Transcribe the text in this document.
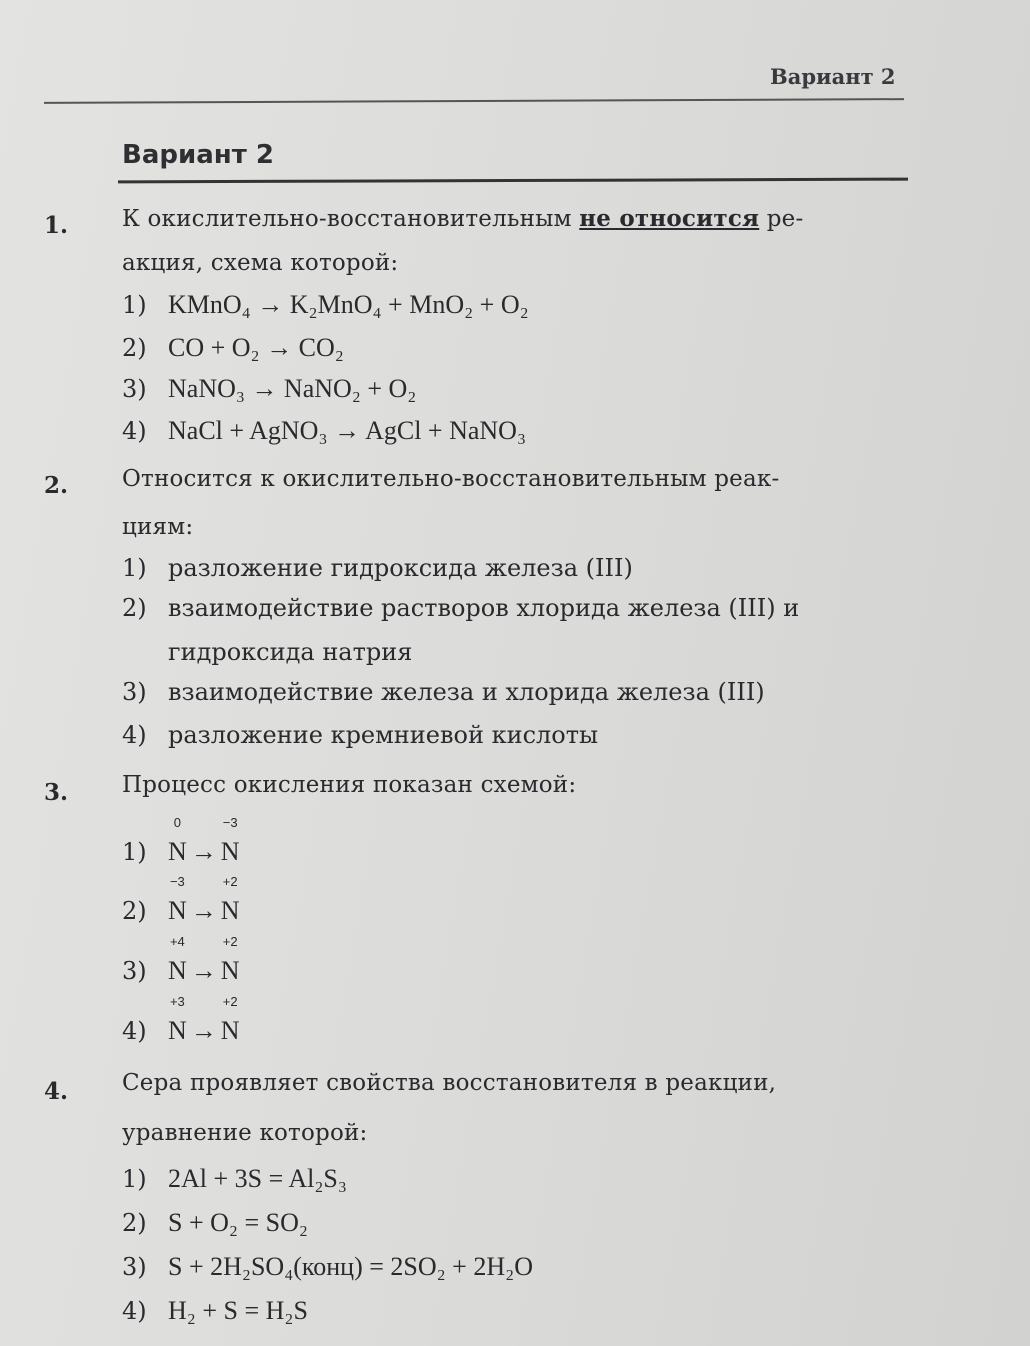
Вариант 2
Вариант 2
1. К окислительно-восстановительным не относится ре-
акция, схема которой:
1) KMnO₄ → K₂MnO₄ + MnO₂ + O₂
2) CO + O₂ → CO₂
3) NaNO₃ → NaNO₂ + O₂
4) NaCl + AgNO₃ → AgCl + NaNO₃
2. Относится к окислительно-восстановительным реак-
циям:
1) разложение гидроксида железа (III)
2) взаимодействие растворов хлорида железа (III) и
гидроксида натрия
3) взаимодействие железа и хлорида железа (III)
4) разложение кремниевой кислоты
3. Процесс окисления показан схемой:
1)
0
N →
−3
N
2)
−3
N →
+2
N
3)
+4
N →
+2
N
4)
+3
N →
+2
N
4. Сера проявляет свойства восстановителя в реакции,
уравнение которой:
1) 2Al + 3S = Al₂S₃
2) S + O₂ = SO₂
3) S + 2H₂SO₄(конц) = 2SO₂ + 2H₂O
4) H₂ + S = H₂S
